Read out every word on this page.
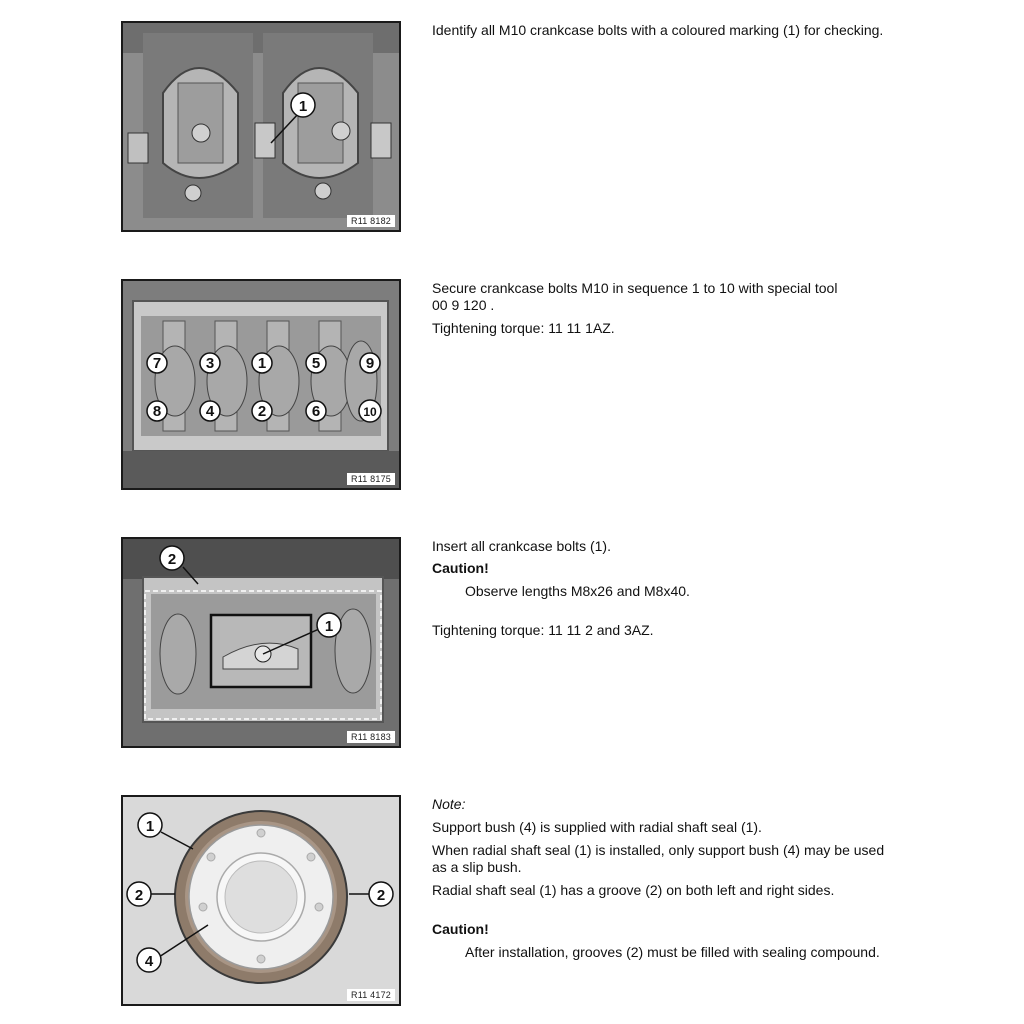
1
R11 8182

Identify all M10 crankcase bolts with a coloured marking (1) for checking.

7	3	1	5	9
8	4	2	6	10
R11 8175

Secure crankcase bolts M10 in sequence 1 to 10 with special tool

00 9 120 .

Tightening torque: 11 11 1AZ.

2
1
R11 8183

Insert all crankcase bolts (1).

Caution!

Observe lengths M8x26 and M8x40.

Tightening torque: 11 11 2 and 3AZ.

1
2	2
4
R11 4172

Note:

Support bush (4) is supplied with radial shaft seal (1).

When radial shaft seal (1) is installed, only support bush (4) may be used

as a slip bush.

Radial shaft seal (1) has a groove (2) on both left and right sides.

Caution!

After installation, grooves (2) must be filled with sealing compound.
